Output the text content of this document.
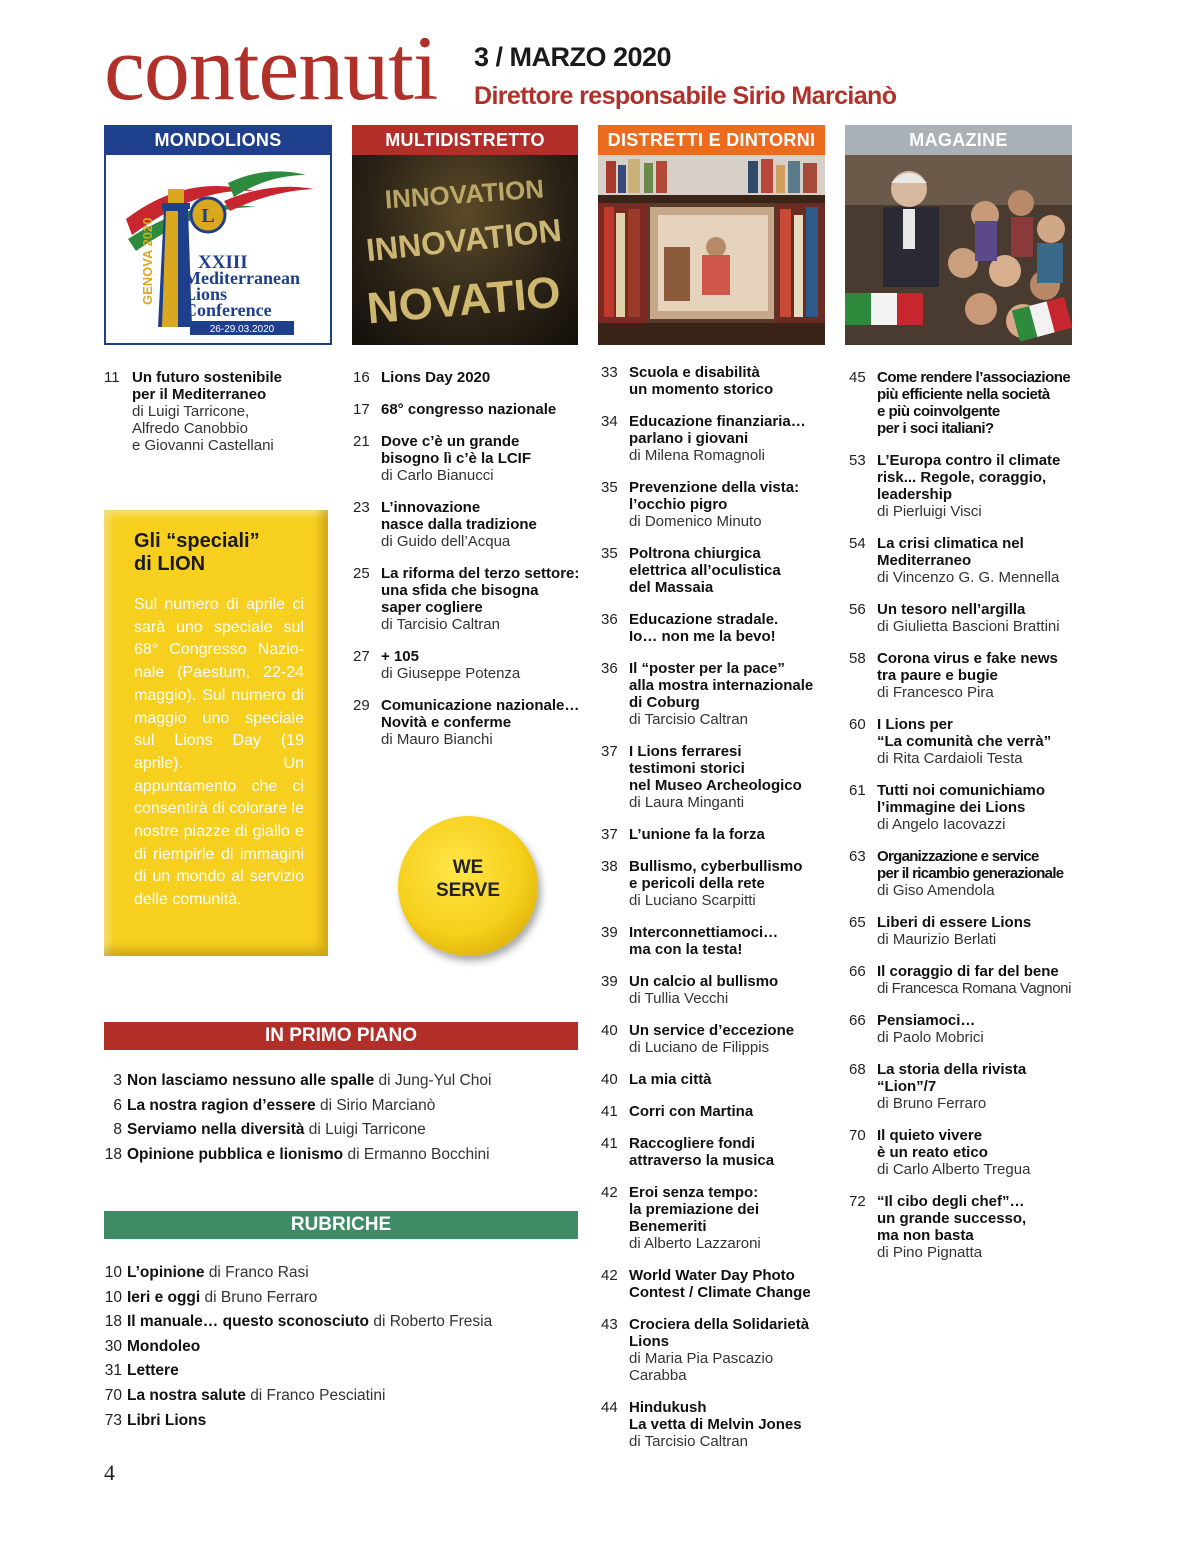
contenuti 3 / MARZO 2020
Direttore responsabile Sirio Marcianò
MONDOLIONS	MULTIDISTRETTO	DISTRETTI E DINTORNI	MAGAZINE
L
GENOVA 2020 XXIII
Mediterranean
Lions
Conference
26-29.03.2020
INNOVATION
INNOVATION
NOVATIO
11 Un futuro sostenibile
per il Mediterraneo
di Luigi Tarricone,
Alfredo Canobbio
e Giovanni Castellani
Gli “speciali”
di LION
Sul numero di aprile ci sarà uno speciale sul 68° Congresso Nazio-nale (Paestum, 22-24 maggio). Sul numero di maggio uno speciale sul Lions Day (19 aprile). Un appuntamento che ci consentirà di colorare le nostre piazze di giallo e di riempirle di immagini di un mondo al servizio delle comunità.
16 Lions Day 2020
17 68° congresso nazionale
21 Dove c’è un grande
bisogno lì c’è la LCIF
di Carlo Bianucci
23 L’innovazione
nasce dalla tradizione
di Guido dell’Acqua
25 La riforma del terzo settore:
una sfida che bisogna
saper cogliere
di Tarcisio Caltran
27 + 105
di Giuseppe Potenza
29 Comunicazione nazionale…
Novità e conferme
di Mauro Bianchi
WE
SERVE
33 Scuola e disabilità
un momento storico
34 Educazione finanziaria…
parlano i giovani
di Milena Romagnoli
35 Prevenzione della vista:
l’occhio pigro
di Domenico Minuto
35 Poltrona chiurgica
elettrica all’oculistica
del Massaia
36 Educazione stradale.
Io… non me la bevo!
36 Il “poster per la pace”
alla mostra internazionale
di Coburg
di Tarcisio Caltran
37 I Lions ferraresi
testimoni storici
nel Museo Archeologico
di Laura Minganti
37 L’unione fa la forza
38 Bullismo, cyberbullismo
e pericoli della rete
di Luciano Scarpitti
39 Interconnettiamoci…
ma con la testa!
39 Un calcio al bullismo
di Tullia Vecchi
40 Un service d’eccezione
di Luciano de Filippis
40 La mia città
41 Corri con Martina
41 Raccogliere fondi
attraverso la musica
42 Eroi senza tempo:
la premiazione dei Benemeriti
di Alberto Lazzaroni
42 World Water Day Photo
Contest / Climate Change
43 Crociera della Solidarietà
Lions
di Maria Pia Pascazio Carabba
44 Hindukush
La vetta di Melvin Jones
di Tarcisio Caltran
45 Come rendere l’associazione
più efficiente nella società
e più coinvolgente
per i soci italiani?
53 L’Europa contro il climate
risk... Regole, coraggio,
leadership
di Pierluigi Visci
54 La crisi climatica nel
Mediterraneo
di Vincenzo G. G. Mennella
56 Un tesoro nell’argilla
di Giulietta Bascioni Brattini
58 Corona virus e fake news
tra paure e bugie
di Francesco Pira
60 I Lions per
“La comunità che verrà”
di Rita Cardaioli Testa
61 Tutti noi comunichiamo
l’immagine dei Lions
di Angelo Iacovazzi
63 Organizzazione e service
per il ricambio generazionale
di Giso Amendola
65 Liberi di essere Lions
di Maurizio Berlati
66 Il coraggio di far del bene
di Francesca Romana Vagnoni
66 Pensiamoci…
di Paolo Mobrici
68 La storia della rivista
“Lion”/7
di Bruno Ferraro
70 Il quieto vivere
è un reato etico
di Carlo Alberto Tregua
72 “Il cibo degli chef”…
un grande successo,
ma non basta
di Pino Pignatta
IN PRIMO PIANO
3 Non lasciamo nessuno alle spalle di Jung-Yul Choi
6 La nostra ragion d’essere di Sirio Marcianò
8 Serviamo nella diversità di Luigi Tarricone
18 Opinione pubblica e lionismo di Ermanno Bocchini
RUBRICHE
10 L’opinione di Franco Rasi
10 Ieri e oggi di Bruno Ferraro
18 Il manuale… questo sconosciuto di Roberto Fresia
30 Mondoleo
31 Lettere
70 La nostra salute di Franco Pesciatini
73 Libri Lions
4
